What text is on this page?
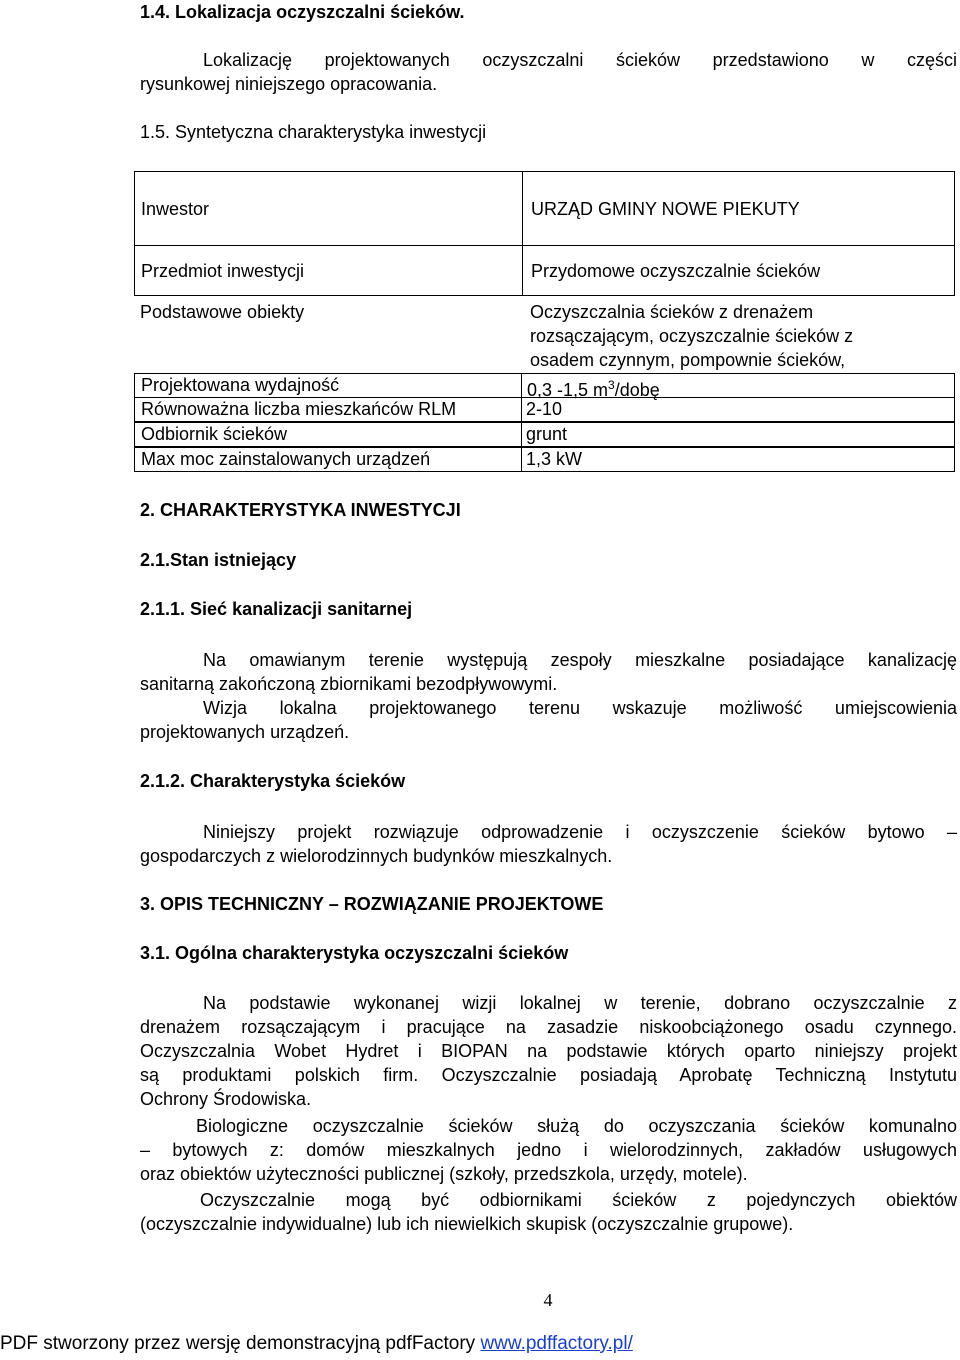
1.4. Lokalizacja oczyszczalni ścieków.
Lokalizację projektowanych oczyszczalni ścieków przedstawiono w części
rysunkowej niniejszego opracowania.
1.5. Syntetyczna charakterystyka inwestycji
Inwestor	URZĄD GMINY NOWE PIEKUTY
Przedmiot inwestycji	Przydomowe oczyszczalnie ścieków
Podstawowe obiekty	Oczyszczalnia ścieków z drenażem
rozsączającym, oczyszczalnie ścieków z
osadem czynnym, pompownie ścieków,
Projektowana wydajność	0,3 -1,5 $m^3$/dobę
Równoważna liczba mieszkańców RLM	2-10
Odbiornik ścieków	grunt
Max moc zainstalowanych urządzeń	1,3 kW
2. CHARAKTERYSTYKA INWESTYCJI
2.1.Stan istniejący
2.1.1. Sieć kanalizacji sanitarnej
Na omawianym terenie występują zespoły mieszkalne posiadające kanalizację
sanitarną zakończoną zbiornikami bezodpływowymi.
Wizja lokalna projektowanego terenu wskazuje możliwość umiejscowienia
projektowanych urządzeń.
2.1.2. Charakterystyka ścieków
Niniejszy projekt rozwiązuje odprowadzenie i oczyszczenie ścieków bytowo –
gospodarczych z wielorodzinnych budynków mieszkalnych.
3. OPIS TECHNICZNY – ROZWIĄZANIE PROJEKTOWE
3.1. Ogólna charakterystyka oczyszczalni ścieków
Na podstawie wykonanej wizji lokalnej w terenie, dobrano oczyszczalnie z
drenażem rozsączającym i pracujące na zasadzie niskoobciążonego osadu czynnego.
Oczyszczalnia Wobet Hydret i BIOPAN na podstawie których oparto niniejszy projekt
są produktami polskich firm. Oczyszczalnie posiadają Aprobatę Techniczną Instytutu
Ochrony Środowiska.
Biologiczne oczyszczalnie ścieków służą do oczyszczania ścieków komunalno
– bytowych z: domów mieszkalnych jedno i wielorodzinnych, zakładów usługowych
oraz obiektów użyteczności publicznej (szkoły, przedszkola, urzędy, motele).
Oczyszczalnie mogą być odbiornikami ścieków z pojedynczych obiektów
(oczyszczalnie indywidualne) lub ich niewielkich skupisk (oczyszczalnie grupowe).
4
PDF stworzony przez wersję demonstracyjną pdfFactory www.pdffactory.pl/
